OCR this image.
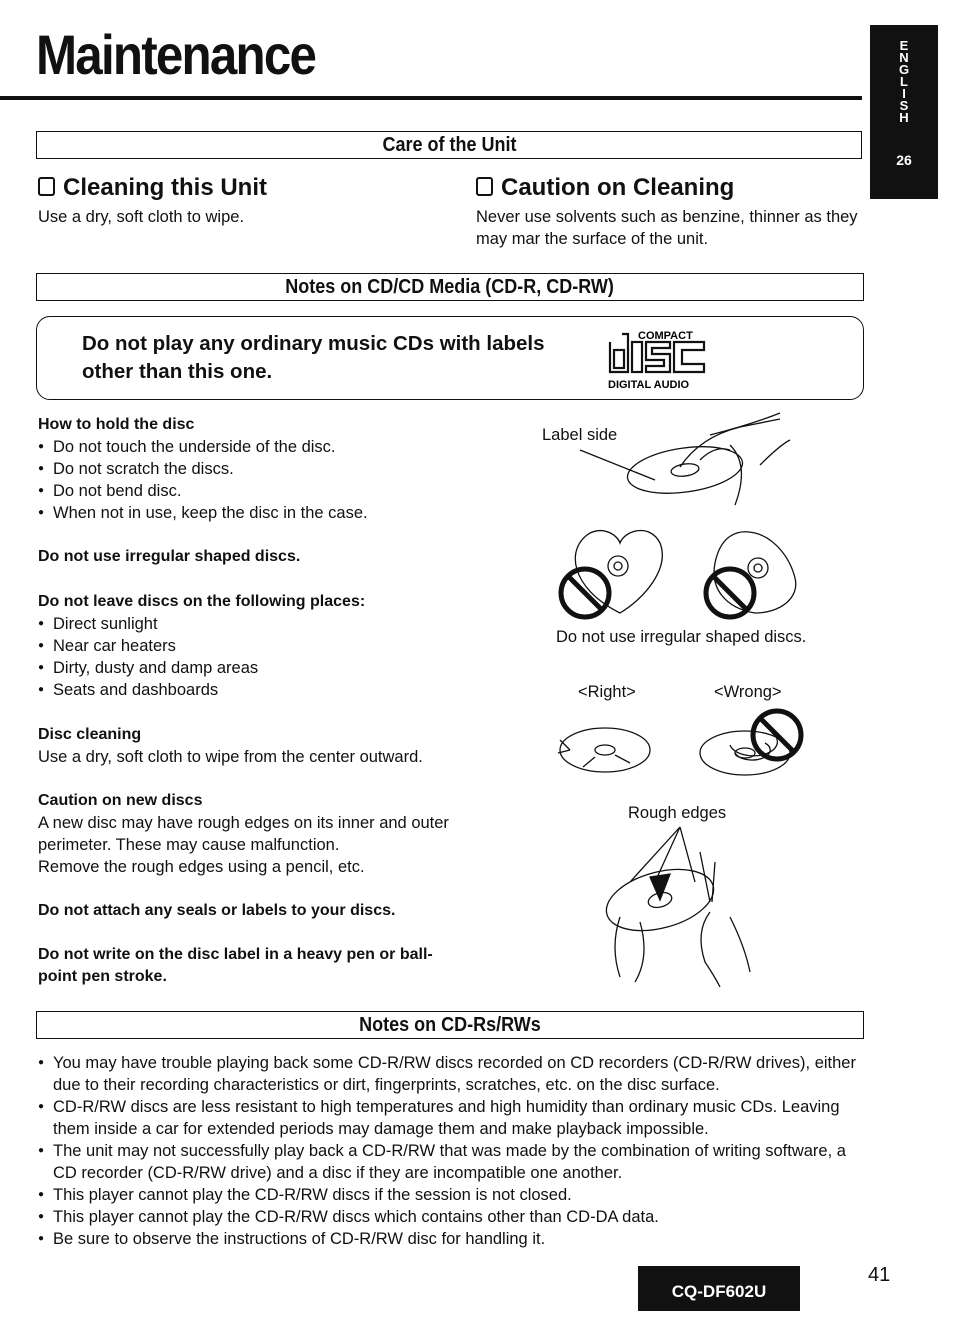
Maintenance	E
N
G
L
I
S
H
26
Care of the Unit
Cleaning this Unit
Use a dry, soft cloth to wipe.
Caution on Cleaning
Never use solvents such as benzine, thinner as they may mar the surface of the unit.
Notes on CD/CD Media (CD-R, CD-RW)
Do not play any ordinary music CDs with labels
other than this one.
COMPACT
DIGITAL AUDIO
How to hold the disc
● Do not touch the underside of the disc.
● Do not scratch the discs.
● Do not bend disc.
● When not in use, keep the disc in the case.
Do not use irregular shaped discs.
Do not leave discs on the following places:
● Direct sunlight
● Near car heaters
● Dirty, dusty and damp areas
● Seats and dashboards
Disc cleaning
Use a dry, soft cloth to wipe from the center outward.
Caution on new discs
A new disc may have rough edges on its inner and outer
perimeter. These may cause malfunction.
Remove the rough edges using a pencil, etc.
Do not attach any seals or labels to your discs.
Do not write on the disc label in a heavy pen or ball-
point pen stroke.
Label side
Do not use irregular shaped discs.
<Right>	<Wrong>
Rough edges
Notes on CD-Rs/RWs
● You may have trouble playing back some CD-R/RW discs recorded on CD recorders (CD-R/RW drives), either due to their recording characteristics or dirt, fingerprints, scratches, etc. on the disc surface.
● CD-R/RW discs are less resistant to high temperatures and high humidity than ordinary music CDs. Leaving them inside a car for extended periods may damage them and make playback impossible.
● The unit may not successfully play back a CD-R/RW that was made by the combination of writing software, a CD recorder (CD-R/RW drive) and a disc if they are incompatible one another.
● This player cannot play the CD-R/RW discs if the session is not closed.
● This player cannot play the CD-R/RW discs which contains other than CD-DA data.
● Be sure to observe the instructions of CD-R/RW disc for handling it.
CQ-DF602U
41
